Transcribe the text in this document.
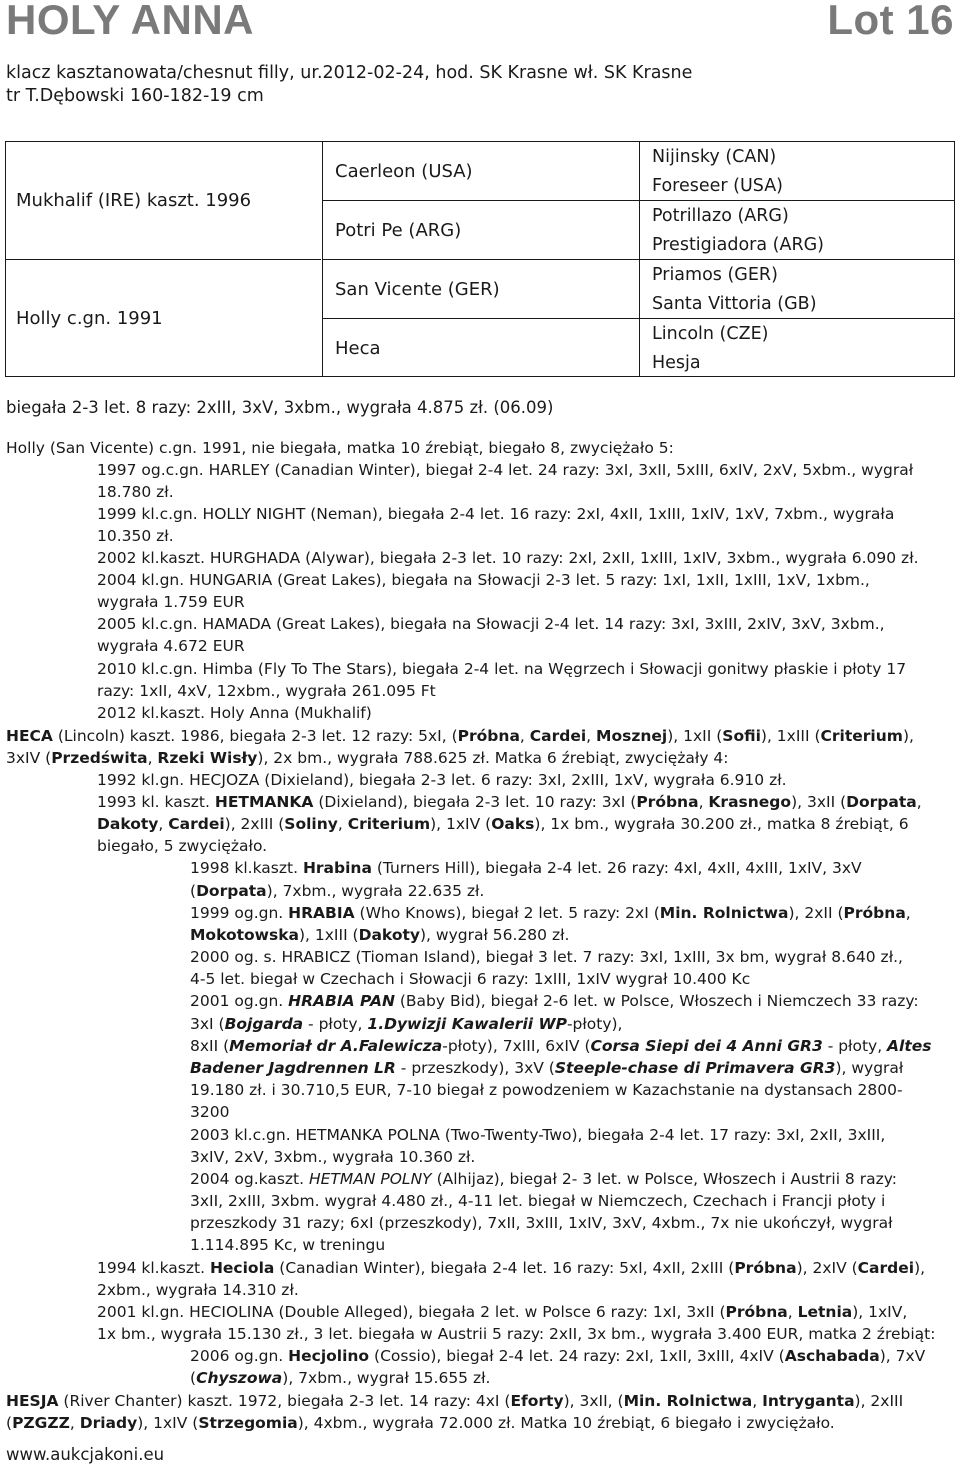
HOLY ANNA	Lot 16
klacz kasztanowata/chesnut filly, ur.2012-02-24, hod. SK Krasne wł. SK Krasne
tr T.Dębowski 160-182-19 cm
Mukhalif (IRE) kaszt. 1996
Holly c.gn. 1991
Caerleon (USA)
Potri Pe (ARG)
San Vicente (GER)
Heca
Nijinsky (CAN)
Foreseer (USA)
Potrillazo (ARG)
Prestigiadora (ARG)
Priamos (GER)
Santa Vittoria (GB)
Lincoln (CZE)
Hesja
biegała 2-3 let. 8 razy: 2xIII, 3xV, 3xbm., wygrała 4.875 zł. (06.09)
Holly (San Vicente) c.gn. 1991, nie biegała, matka 10 źrebiąt, biegało 8, zwyciężało 5:
1997 og.c.gn. HARLEY (Canadian Winter), biegał 2-4 let. 24 razy: 3xI, 3xII, 5xIII, 6xIV, 2xV, 5xbm., wygrał
18.780 zł.
1999 kl.c.gn. HOLLY NIGHT (Neman), biegała 2-4 let. 16 razy: 2xI, 4xII, 1xIII, 1xIV, 1xV, 7xbm., wygrała
10.350 zł.
2002 kl.kaszt. HURGHADA (Alywar), biegała 2-3 let. 10 razy: 2xI, 2xII, 1xIII, 1xIV, 3xbm., wygrała 6.090 zł.
2004 kl.gn. HUNGARIA (Great Lakes), biegała na Słowacji 2-3 let. 5 razy: 1xI, 1xII, 1xIII, 1xV, 1xbm.,
wygrała 1.759 EUR
2005 kl.c.gn. HAMADA (Great Lakes), biegała na Słowacji 2-4 let. 14 razy: 3xI, 3xIII, 2xIV, 3xV, 3xbm.,
wygrała 4.672 EUR
2010 kl.c.gn. Himba (Fly To The Stars), biegała 2-4 let. na Węgrzech i Słowacji gonitwy płaskie i płoty 17
razy: 1xII, 4xV, 12xbm., wygrała 261.095 Ft
2012 kl.kaszt. Holy Anna (Mukhalif)
HECA (Lincoln) kaszt. 1986, biegała 2-3 let. 12 razy: 5xI, (Próbna, Cardei, Mosznej), 1xII (Sofii), 1xIII (Criterium),
3xIV (Przedświta, Rzeki Wisły), 2x bm., wygrała 788.625 zł. Matka 6 źrebiąt, zwyciężały 4:
1992 kl.gn. HECJOZA (Dixieland), biegała 2-3 let. 6 razy: 3xI, 2xIII, 1xV, wygrała 6.910 zł.
1993 kl. kaszt. HETMANKA (Dixieland), biegała 2-3 let. 10 razy: 3xI (Próbna, Krasnego), 3xII (Dorpata,
Dakoty, Cardei), 2xIII (Soliny, Criterium), 1xIV (Oaks), 1x bm., wygrała 30.200 zł., matka 8 źrebiąt, 6
biegało, 5 zwyciężało.
1998 kl.kaszt. Hrabina (Turners Hill), biegała 2-4 let. 26 razy: 4xI, 4xII, 4xIII, 1xIV, 3xV
(Dorpata), 7xbm., wygrała 22.635 zł.
1999 og.gn. HRABIA (Who Knows), biegał 2 let. 5 razy: 2xI (Min. Rolnictwa), 2xII (Próbna,
Mokotowska), 1xIII (Dakoty), wygrał 56.280 zł.
2000 og. s. HRABICZ (Tioman Island), biegał 3 let. 7 razy: 3xI, 1xIII, 3x bm, wygrał 8.640 zł.,
4-5 let. biegał w Czechach i Słowacji 6 razy: 1xIII, 1xIV wygrał 10.400 Kc
2001 og.gn. HRABIA PAN (Baby Bid), biegał 2-6 let. w Polsce, Włoszech i Niemczech 33 razy:
3xI (Bojgarda - płoty, 1.Dywizji Kawalerii WP-płoty),
8xII (Memoriał dr A.Falewicza-płoty), 7xIII, 6xIV (Corsa Siepi dei 4 Anni GR3 - płoty, Altes
Badener Jagdrennen LR - przeszkody), 3xV (Steeple-chase di Primavera GR3), wygrał
19.180 zł. i 30.710,5 EUR, 7-10 biegał z powodzeniem w Kazachstanie na dystansach 2800-
3200
2003 kl.c.gn. HETMANKA POLNA (Two-Twenty-Two), biegała 2-4 let. 17 razy: 3xI, 2xII, 3xIII,
3xIV, 2xV, 3xbm., wygrała 10.360 zł.
2004 og.kaszt. HETMAN POLNY (Alhijaz), biegał 2- 3 let. w Polsce, Włoszech i Austrii 8 razy:
3xII, 2xIII, 3xbm. wygrał 4.480 zł., 4-11 let. biegał w Niemczech, Czechach i Francji płoty i
przeszkody 31 razy; 6xI (przeszkody), 7xII, 3xIII, 1xIV, 3xV, 4xbm., 7x nie ukończył, wygrał
1.114.895 Kc, w treningu
1994 kl.kaszt. Heciola (Canadian Winter), biegała 2-4 let. 16 razy: 5xI, 4xII, 2xIII (Próbna), 2xIV (Cardei),
2xbm., wygrała 14.310 zł.
2001 kl.gn. HECIOLINA (Double Alleged), biegała 2 let. w Polsce 6 razy: 1xI, 3xII (Próbna, Letnia), 1xIV,
1x bm., wygrała 15.130 zł., 3 let. biegała w Austrii 5 razy: 2xII, 3x bm., wygrała 3.400 EUR, matka 2 źrebiąt:
2006 og.gn. Hecjolino (Cossio), biegał 2-4 let. 24 razy: 2xI, 1xII, 3xIII, 4xIV (Aschabada), 7xV
(Chyszowa), 7xbm., wygrał 15.655 zł.
HESJA (River Chanter) kaszt. 1972, biegała 2-3 let. 14 razy: 4xI (Eforty), 3xII, (Min. Rolnictwa, Intryganta), 2xIII
(PZGZZ, Driady), 1xIV (Strzegomia), 4xbm., wygrała 72.000 zł. Matka 10 źrebiąt, 6 biegało i zwyciężało.
www.aukcjakoni.eu
